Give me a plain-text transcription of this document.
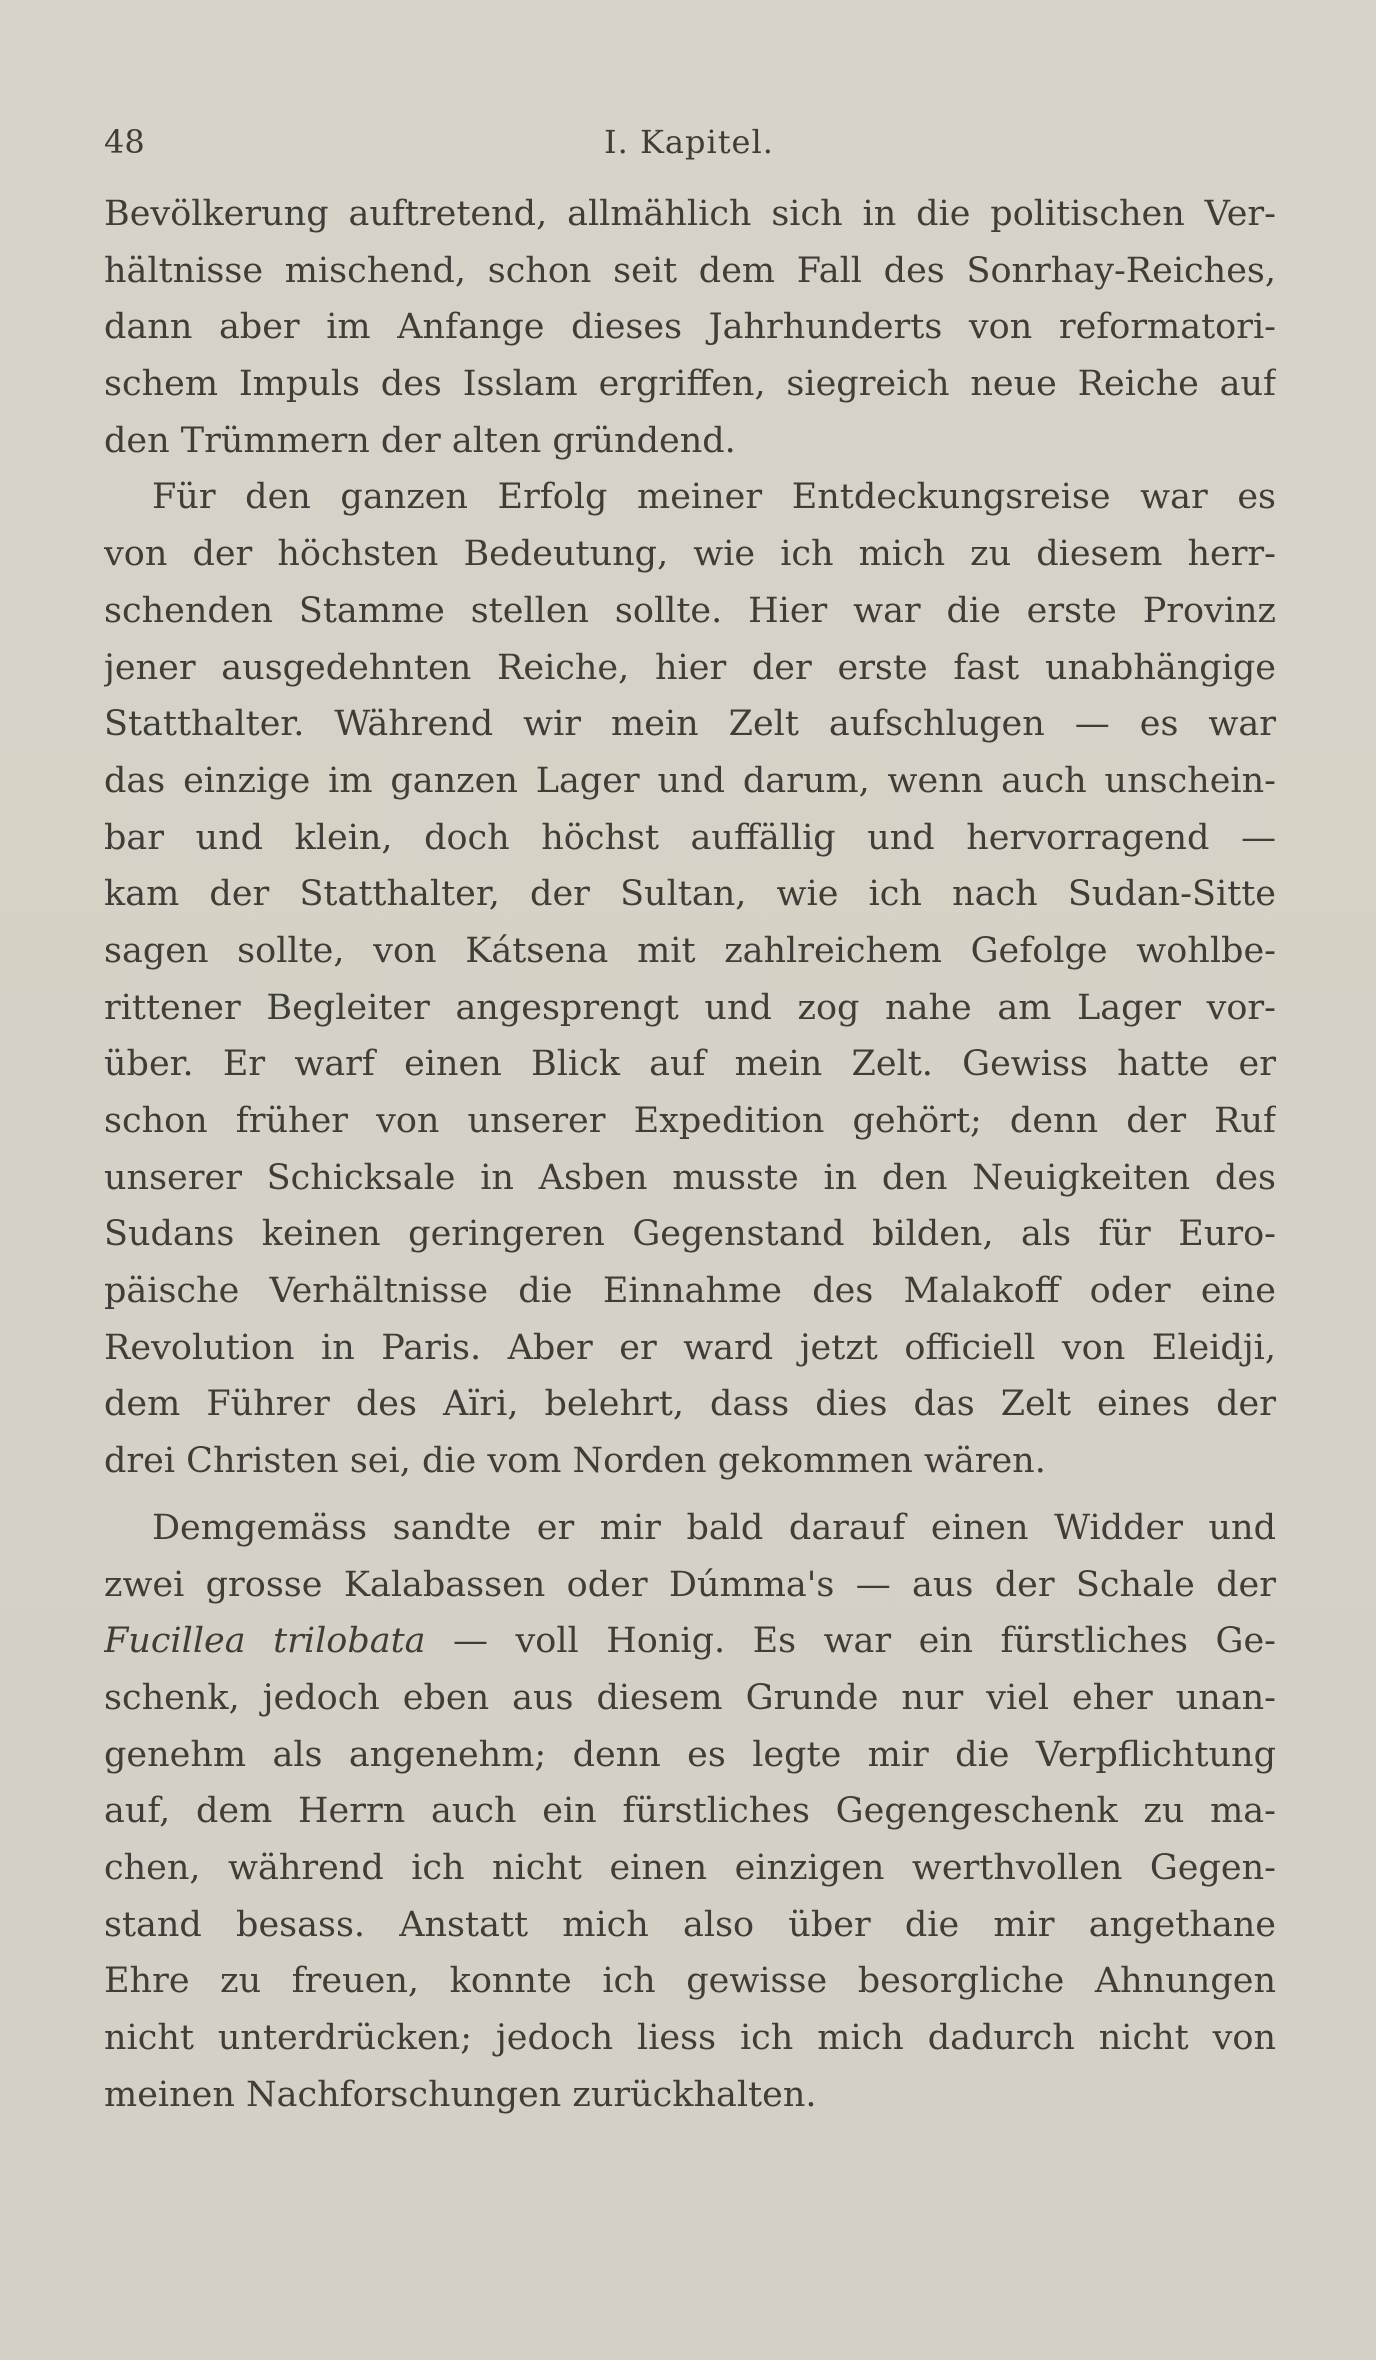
48	I. Kapitel.
Bevölkerung auftretend, allmählich sich in die politischen Ver-
hältnisse mischend, schon seit dem Fall des Sonrhay-Reiches,
dann aber im Anfange dieses Jahrhunderts von reformatori-
schem Impuls des Isslam ergriffen, siegreich neue Reiche auf
den Trümmern der alten gründend.
Für den ganzen Erfolg meiner Entdeckungsreise war es
von der höchsten Bedeutung, wie ich mich zu diesem herr-
schenden Stamme stellen sollte. Hier war die erste Provinz
jener ausgedehnten Reiche, hier der erste fast unabhängige
Statthalter. Während wir mein Zelt aufschlugen — es war
das einzige im ganzen Lager und darum, wenn auch unschein-
bar und klein, doch höchst auffällig und hervorragend —
kam der Statthalter, der Sultan, wie ich nach Sudan-Sitte
sagen sollte, von Kátsena mit zahlreichem Gefolge wohlbe-
rittener Begleiter angesprengt und zog nahe am Lager vor-
über. Er warf einen Blick auf mein Zelt. Gewiss hatte er
schon früher von unserer Expedition gehört; denn der Ruf
unserer Schicksale in Asben musste in den Neuigkeiten des
Sudans keinen geringeren Gegenstand bilden, als für Euro-
päische Verhältnisse die Einnahme des Malakoff oder eine
Revolution in Paris. Aber er ward jetzt officiell von Eleidji,
dem Führer des Aïri, belehrt, dass dies das Zelt eines der
drei Christen sei, die vom Norden gekommen wären.
Demgemäss sandte er mir bald darauf einen Widder und
zwei grosse Kalabassen oder Dúmma's — aus der Schale der
Fucillea trilobata — voll Honig. Es war ein fürstliches Ge-
schenk, jedoch eben aus diesem Grunde nur viel eher unan-
genehm als angenehm; denn es legte mir die Verpflichtung
auf, dem Herrn auch ein fürstliches Gegengeschenk zu ma-
chen, während ich nicht einen einzigen werthvollen Gegen-
stand besass. Anstatt mich also über die mir angethane
Ehre zu freuen, konnte ich gewisse besorgliche Ahnungen
nicht unterdrücken; jedoch liess ich mich dadurch nicht von
meinen Nachforschungen zurückhalten.
